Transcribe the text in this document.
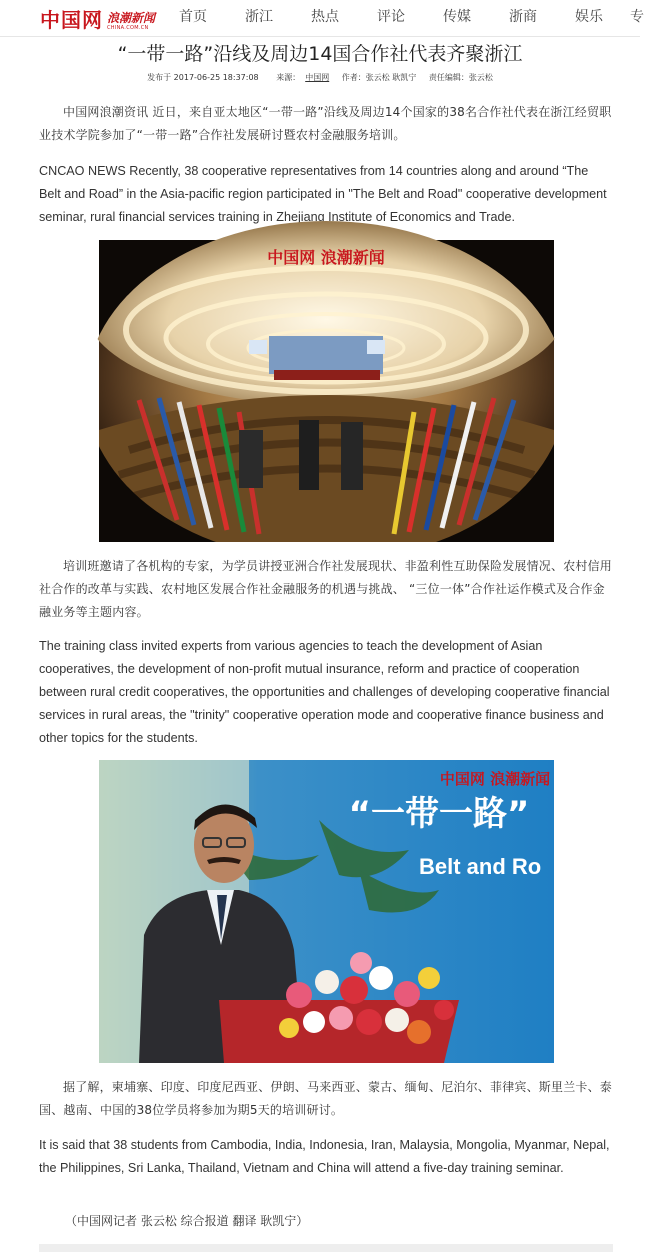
中国网 浪潮新闻
CHINA.COM.CN
首页	浙江	热点	评论	传媒	浙商	娱乐	专
“一带一路”沿线及周边14国合作社代表齐聚浙江
发布于 2017-06-25 18:37:08 来源： 中国网 作者：张云松 耿凯宁 责任编辑：张云松

中国网浪潮资讯 近日，来自亚太地区“一带一路”沿线及周边14个国家的38名合作社代表在浙江经贸职业技术学院参加了“一带一路”合作社发展研讨暨农村金融服务培训。

CNCAO NEWS Recently, 38 cooperative representatives from 14 countries along and around “The Belt and Road” in the Asia-pacific region participated in "The Belt and Road" cooperative development seminar, rural financial services training in Zhejiang Institute of Economics and Trade.

中国网 浪潮新闻

培训班邀请了各机构的专家，为学员讲授亚洲合作社发展现状、非盈利性互助保险发展情况、农村信用社合作的改革与实践、农村地区发展合作社金融服务的机遇与挑战、 “三位一体”合作社运作模式及合作金融业务等主题内容。

The training class invited experts from various agencies to teach the development of Asian cooperatives, the development of non-profit mutual insurance, reform and practice of cooperation between rural credit cooperatives, the opportunities and challenges of developing cooperative financial services in rural areas, the "trinity" cooperative operation mode and cooperative finance business and other topics for the students.

“一带一路”
Belt and Ro
中国网 浪潮新闻

据了解，柬埔寨、印度、印度尼西亚、伊朗、马来西亚、蒙古、缅甸、尼泊尔、菲律宾、斯里兰卡、泰国、越南、中国的38位学员将参加为期5天的培训研讨。

It is said that 38 students from Cambodia, India, Indonesia, Iran, Malaysia, Mongolia, Myanmar, Nepal, the Philippines, Sri Lanka, Thailand, Vietnam and China will attend a five-day training seminar.

（中国网记者 张云松 综合报道 翻译 耿凯宁）
